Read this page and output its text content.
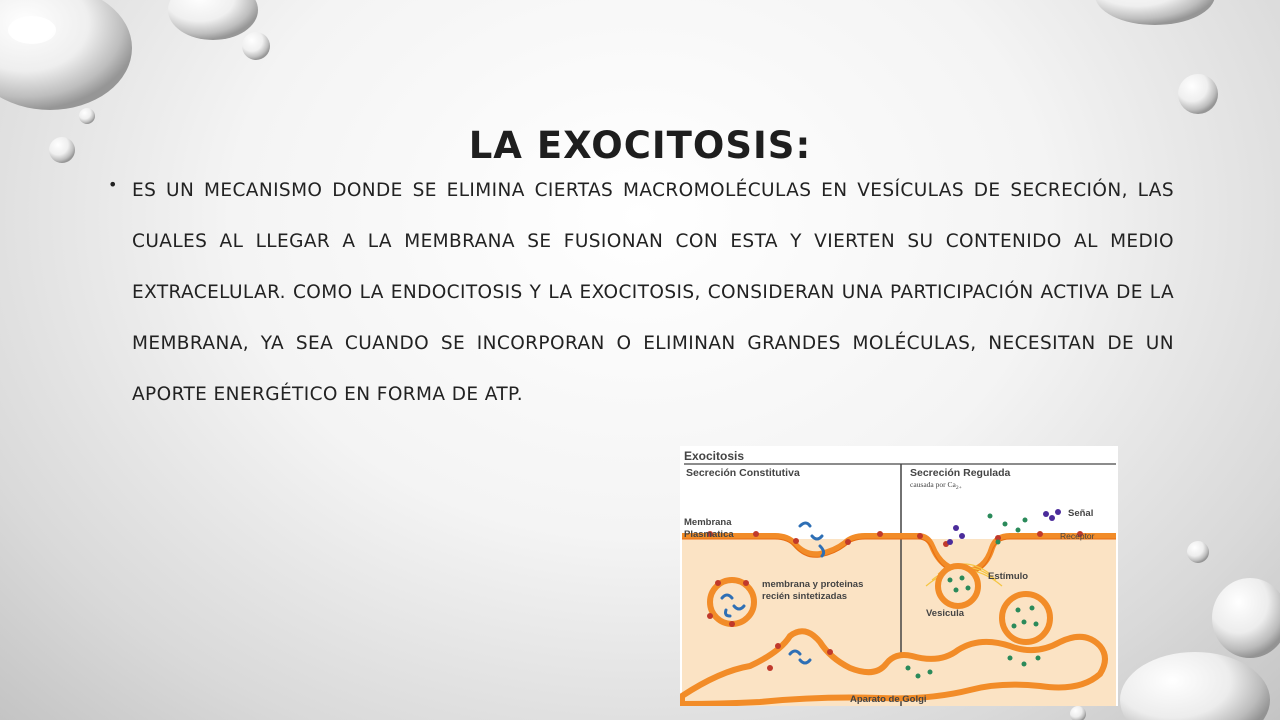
LA EXOCITOSIS:
• ES UN MECANISMO DONDE SE ELIMINA CIERTAS MACROMOLÉCULAS EN VESÍCULAS DE SECRECIÓN, LAS CUALES AL LLEGAR A LA MEMBRANA SE FUSIONAN CON ESTA Y VIERTEN SU CONTENIDO AL MEDIO EXTRACELULAR. COMO LA ENDOCITOSIS Y LA EXOCITOSIS, CONSIDERAN UNA PARTICIPACIÓN ACTIVA DE LA MEMBRANA, YA SEA CUANDO SE INCORPORAN O ELIMINAN GRANDES MOLÉCULAS, NECESITAN DE UN APORTE ENERGÉTICO EN FORMA DE ATP.

Exocitosis
Secreción Constitutiva	Secreción Regulada
causada por $Ca_{2+}$
Membrana
Plasmatica
Señal
Receptor
Estímulo
membrana y proteinas
recién sintetizadas
Vesicula
Aparato de Golgi
